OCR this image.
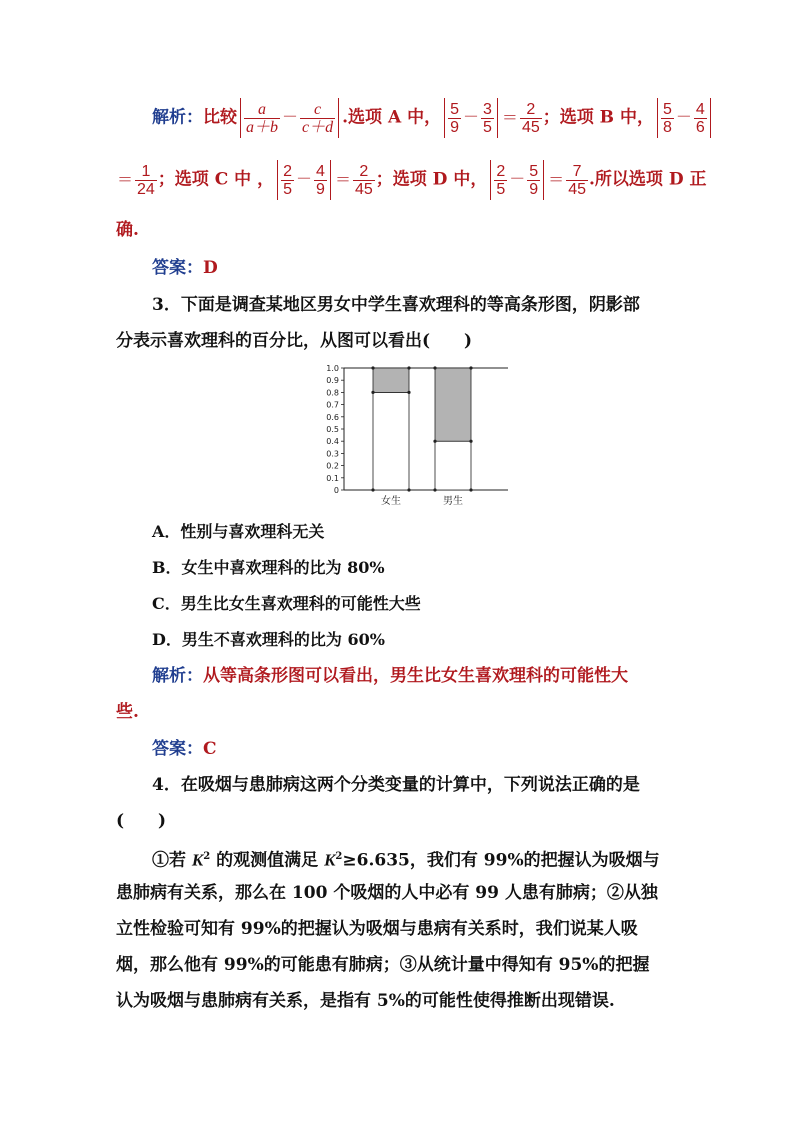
解析：比较 $\frac{a}{a+b} - \frac{c}{c+d}$ .选项 A 中， $\frac{5}{9} - \frac{3}{5} = \frac{2}{45}$ ；选项 B 中， $\frac{5}{8} - \frac{4}{6}$
＝ $\frac{1}{24}$ ；选项 C 中 ， $\frac{2}{5} - \frac{4}{9} = \frac{2}{45}$ ；选项 D 中， $\frac{2}{5} - \frac{5}{9} = \frac{7}{45}$ .所以选项 D 正
确.
答案：D
3．下面是调查某地区男女中学生喜欢理科的等高条形图，阴影部
分表示喜欢理科的百分比，从图可以看出(　　)
0
0.1
0.2
0.3
0.4
0.5
0.6
0.7
0.8
0.9
1.0
女生	男生
A．性别与喜欢理科无关
B．女生中喜欢理科的比为 80%
C．男生比女生喜欢理科的可能性大些
D．男生不喜欢理科的比为 60%
解析：从等高条形图可以看出，男生比女生喜欢理科的可能性大
些.
答案：C
4．在吸烟与患肺病这两个分类变量的计算中，下列说法正确的是
(　　)
①若 $K^2$ 的观测值满足 $K^2\ge 6.635$，我们有 99%的把握认为吸烟与
患肺病有关系，那么在 100 个吸烟的人中必有 99 人患有肺病；②从独
立性检验可知有 99%的把握认为吸烟与患病有关系时，我们说某人吸
烟，那么他有 99%的可能患有肺病；③从统计量中得知有 95%的把握
认为吸烟与患肺病有关系，是指有 5%的可能性使得推断出现错误.
